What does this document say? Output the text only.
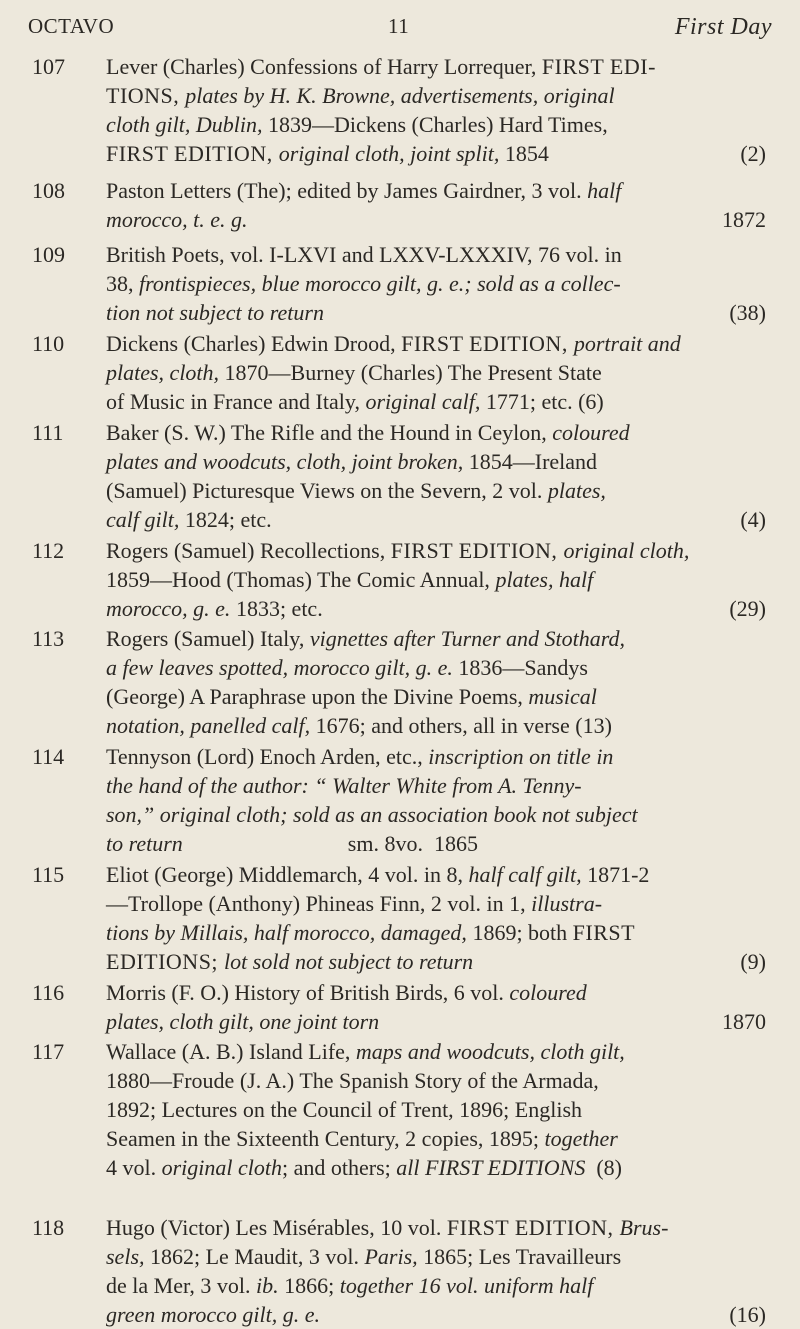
OCTAVO	11	First Day
107	Lever (Charles) Confessions of Harry Lorrequer, FIRST EDI-
TIONS, plates by H. K. Browne, advertisements, original
cloth gilt, Dublin, 1839—Dickens (Charles) Hard Times,
FIRST EDITION, original cloth, joint split, 1854	(2)
108	Paston Letters (The); edited by James Gairdner, 3 vol. half
morocco, t. e. g.	1872
109	British Poets, vol. I-LXVI and LXXV-LXXXIV, 76 vol. in
38, frontispieces, blue morocco gilt, g. e.; sold as a collec-
tion not subject to return	(38)
110	Dickens (Charles) Edwin Drood, FIRST EDITION, portrait and
plates, cloth, 1870—Burney (Charles) The Present State
of Music in France and Italy, original calf, 1771; etc. (6)
111	Baker (S. W.) The Rifle and the Hound in Ceylon, coloured
plates and woodcuts, cloth, joint broken, 1854—Ireland
(Samuel) Picturesque Views on the Severn, 2 vol. plates,
calf gilt, 1824; etc.	(4)
112	Rogers (Samuel) Recollections, FIRST EDITION, original cloth,
1859—Hood (Thomas) The Comic Annual, plates, half
morocco, g. e. 1833; etc.	(29)
113	Rogers (Samuel) Italy, vignettes after Turner and Stothard,
a few leaves spotted, morocco gilt, g. e. 1836—Sandys
(George) A Paraphrase upon the Divine Poems, musical
notation, panelled calf, 1676; and others, all in verse (13)
114	Tennyson (Lord) Enoch Arden, etc., inscription on title in
the hand of the author: “ Walter White from A. Tenny-
son,” original cloth; sold as an association book not subject
to return                              sm. 8vo.  1865
115	Eliot (George) Middlemarch, 4 vol. in 8, half calf gilt, 1871-2
—Trollope (Anthony) Phineas Finn, 2 vol. in 1, illustra-
tions by Millais, half morocco, damaged, 1869; both FIRST
EDITIONS; lot sold not subject to return	(9)
116	Morris (F. O.) History of British Birds, 6 vol. coloured
plates, cloth gilt, one joint torn	1870
117	Wallace (A. B.) Island Life, maps and woodcuts, cloth gilt,
1880—Froude (J. A.) The Spanish Story of the Armada,
1892; Lectures on the Council of Trent, 1896; English
Seamen in the Sixteenth Century, 2 copies, 1895; together
4 vol. original cloth; and others; all FIRST EDITIONS  (8)
118	Hugo (Victor) Les Misérables, 10 vol. FIRST EDITION, Brus-
sels, 1862; Le Maudit, 3 vol. Paris, 1865; Les Travailleurs
de la Mer, 3 vol. ib. 1866; together 16 vol. uniform half
green morocco gilt, g. e.	(16)
